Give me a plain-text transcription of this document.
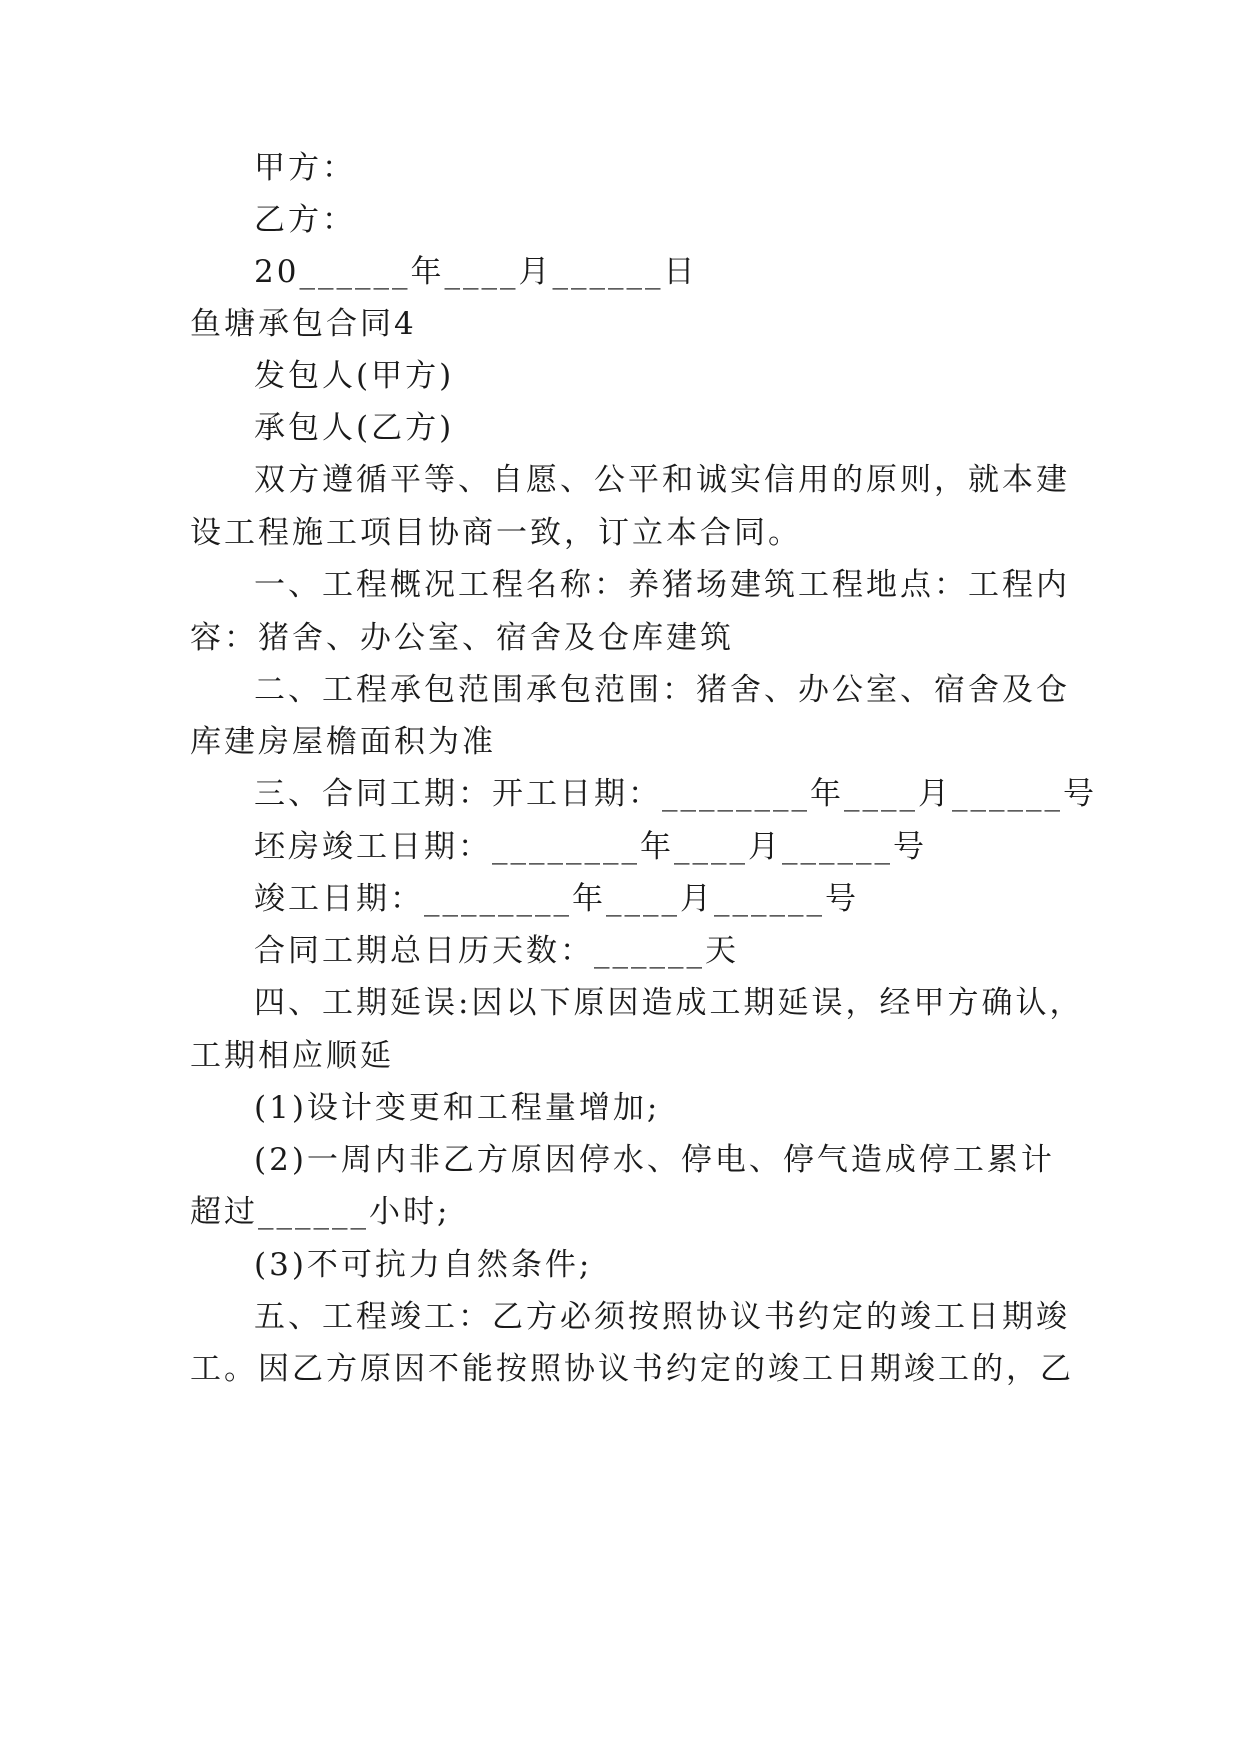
甲方：
乙方：
20______年____月______日
鱼塘承包合同4
发包人(甲方)
承包人(乙方)
双方遵循平等、自愿、公平和诚实信用的原则，就本建
设工程施工项目协商一致，订立本合同。
一、工程概况工程名称：养猪场建筑工程地点：工程内
容：猪舍、办公室、宿舍及仓库建筑
二、工程承包范围承包范围：猪舍、办公室、宿舍及仓
库建房屋檐面积为准
三、合同工期：开工日期：________年____月______号
坯房竣工日期：________年____月______号
竣工日期：________年____月______号
合同工期总日历天数：______天
四、工期延误:因以下原因造成工期延误，经甲方确认，
工期相应顺延
(1)设计变更和工程量增加;
(2)一周内非乙方原因停水、停电、停气造成停工累计
超过______小时;
(3)不可抗力自然条件;
五、工程竣工：乙方必须按照协议书约定的竣工日期竣
工。因乙方原因不能按照协议书约定的竣工日期竣工的，乙
